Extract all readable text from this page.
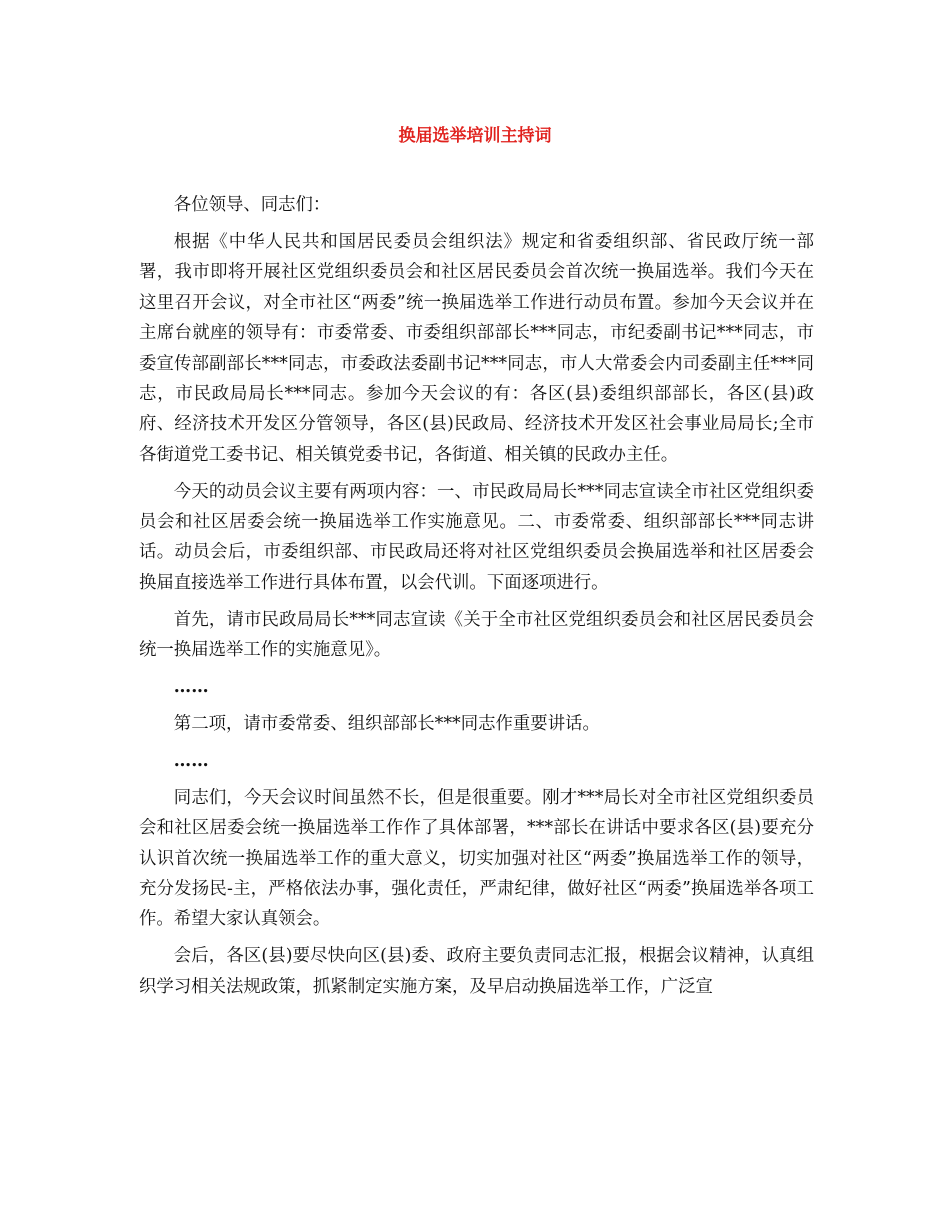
换届选举培训主持词

各位领导、同志们：

根据《中华人民共和国居民委员会组织法》规定和省委组织部、省民政厅统一部署，我市即将开展社区党组织委员会和社区居民委员会首次统一换届选举。我们今天在这里召开会议，对全市社区“两委”统一换届选举工作进行动员布置。参加今天会议并在主席台就座的领导有：市委常委、市委组织部部长***同志，市纪委副书记***同志，市委宣传部副部长***同志，市委政法委副书记***同志，市人大常委会内司委副主任***同志，市民政局局长***同志。参加今天会议的有：各区(县)委组织部部长，各区(县)政府、经济技术开发区分管领导，各区(县)民政局、经济技术开发区社会事业局局长;全市各街道党工委书记、相关镇党委书记，各街道、相关镇的民政办主任。

今天的动员会议主要有两项内容：一、市民政局局长***同志宣读全市社区党组织委员会和社区居委会统一换届选举工作实施意见。二、市委常委、组织部部长***同志讲话。动员会后，市委组织部、市民政局还将对社区党组织委员会换届选举和社区居委会换届直接选举工作进行具体布置，以会代训。下面逐项进行。

首先，请市民政局局长***同志宣读《关于全市社区党组织委员会和社区居民委员会统一换届选举工作的实施意见》。

……

第二项，请市委常委、组织部部长***同志作重要讲话。

……

同志们，今天会议时间虽然不长，但是很重要。刚才***局长对全市社区党组织委员会和社区居委会统一换届选举工作作了具体部署，***部长在讲话中要求各区(县)要充分认识首次统一换届选举工作的重大意义，切实加强对社区“两委”换届选举工作的领导，充分发扬民-主，严格依法办事，强化责任，严肃纪律，做好社区“两委”换届选举各项工作。希望大家认真领会。

会后，各区(县)要尽快向区(县)委、政府主要负责同志汇报，根据会议精神，认真组织学习相关法规政策，抓紧制定实施方案，及早启动换届选举工作，广泛宣
